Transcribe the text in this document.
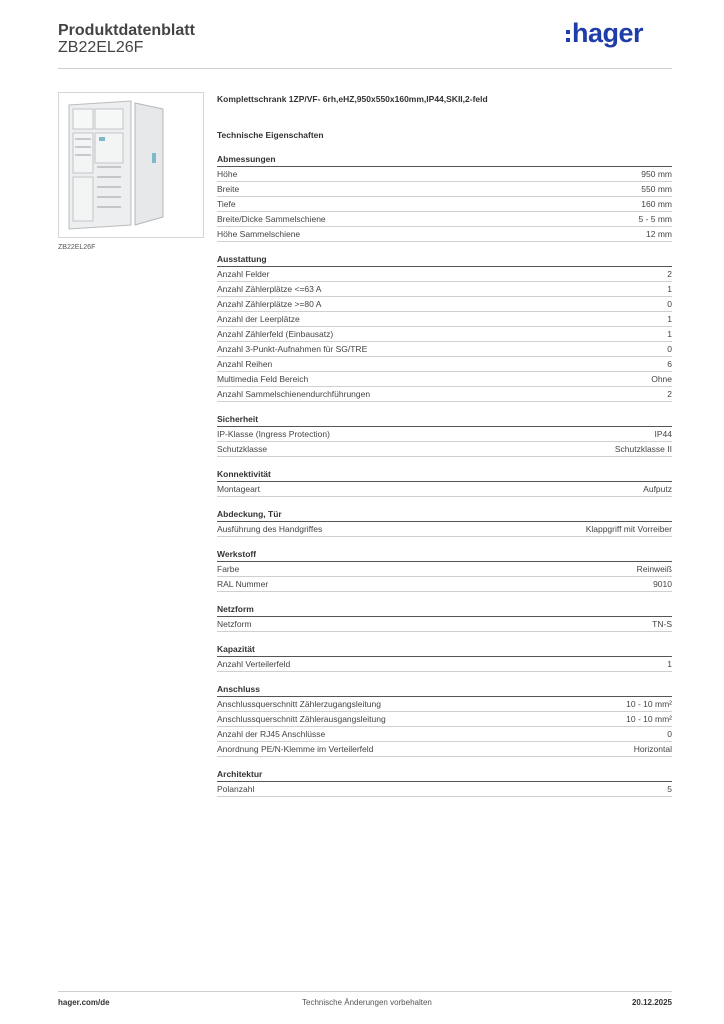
Produktdatenblatt
ZB22EL26F	hager
ZB22EL26F
Komplettschrank 1ZP/VF- 6rh,eHZ,950x550x160mm,IP44,SKII,2-feld
Technische Eigenschaften
Abmessungen
Höhe	950 mm
Breite	550 mm
Tiefe	160 mm
Breite/Dicke Sammelschiene	5 - 5 mm
Höhe Sammelschiene	12 mm
Ausstattung
Anzahl Felder	2
Anzahl Zählerplätze <=63 A	1
Anzahl Zählerplätze >=80 A	0
Anzahl der Leerplätze	1
Anzahl Zählerfeld (Einbausatz)	1
Anzahl 3-Punkt-Aufnahmen für SG/TRE	0
Anzahl Reihen	6
Multimedia Feld Bereich	Ohne
Anzahl Sammelschienendurchführungen	2
Sicherheit
IP-Klasse (Ingress Protection)	IP44
Schutzklasse	Schutzklasse II
Konnektivität
Montageart	Aufputz
Abdeckung, Tür
Ausführung des Handgriffes	Klappgriff mit Vorreiber
Werkstoff
Farbe	Reinweiß
RAL Nummer	9010
Netzform
Netzform	TN-S
Kapazität
Anzahl Verteilerfeld	1
Anschluss
Anschlussquerschnitt Zählerzugangsleitung	10 - 10 mm²
Anschlussquerschnitt Zählerausgangsleitung	10 - 10 mm²
Anzahl der RJ45 Anschlüsse	0
Anordnung PE/N-Klemme im Verteilerfeld	Horizontal
Architektur
Polanzahl	5
hager.com/de	Technische Änderungen vorbehalten	20.12.2025
